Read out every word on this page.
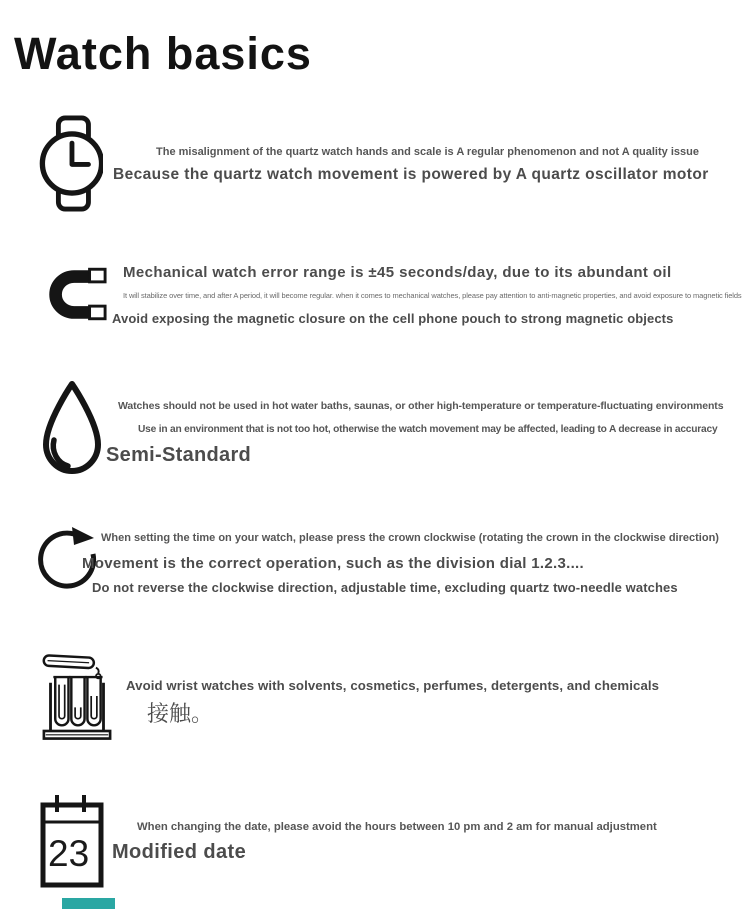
Watch basics
The misalignment of the quartz watch hands and scale is A regular phenomenon and not A quality issue
Because the quartz watch movement is powered by A quartz oscillator motor
Mechanical watch error range is ±45 seconds/day, due to its abundant oil
It will stabilize over time, and after A period, it will become regular. when it comes to mechanical watches, please pay attention to anti-magnetic properties, and avoid exposure to magnetic fields
Avoid exposing the magnetic closure on the cell phone pouch to strong magnetic objects
Watches should not be used in hot water baths, saunas, or other high-temperature or temperature-fluctuating environments
Use in an environment that is not too hot, otherwise the watch movement may be affected, leading to A decrease in accuracy
Semi-Standard
When setting the time on your watch, please press the crown clockwise (rotating the crown in the clockwise direction)
Movement is the correct operation, such as the division dial 1.2.3....
Do not reverse the clockwise direction, adjustable time, excluding quartz two-needle watches
Avoid wrist watches with solvents, cosmetics, perfumes, detergents, and chemicals
接触。
23
When changing the date, please avoid the hours between 10 pm and 2 am for manual adjustment
Modified date
